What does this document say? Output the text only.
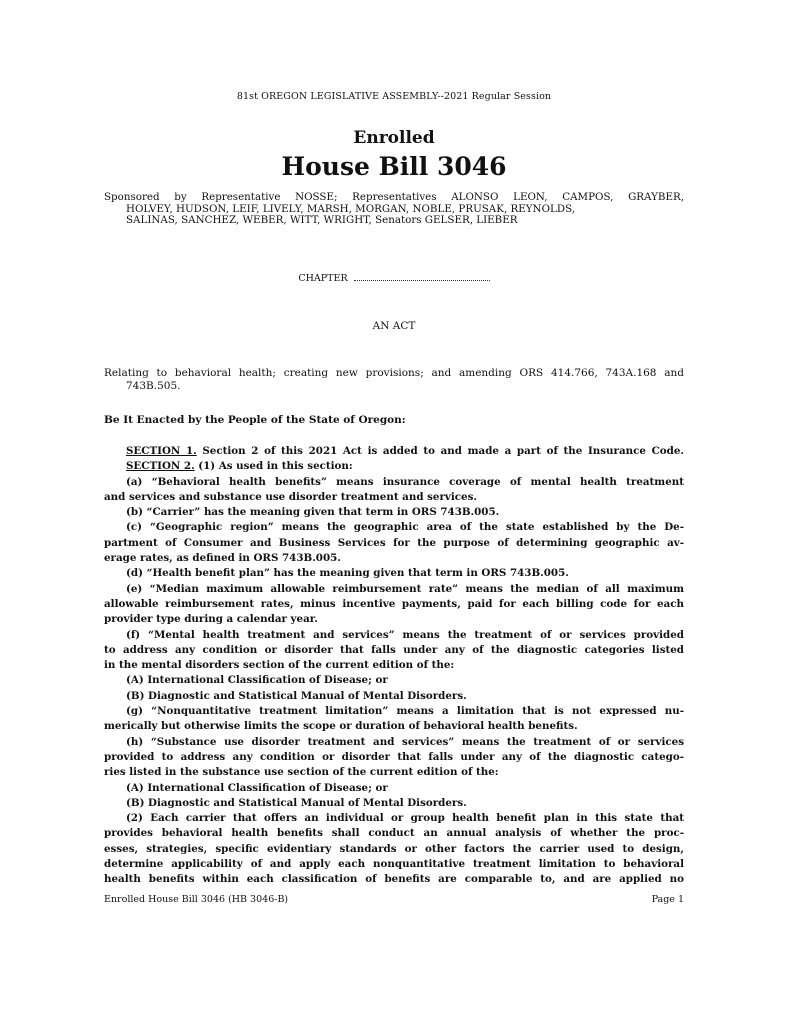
81st OREGON LEGISLATIVE ASSEMBLY--2021 Regular Session
Enrolled
House Bill 3046
Sponsored by Representative NOSSE; Representatives ALONSO LEON, CAMPOS, GRAYBER,
HOLVEY, HUDSON, LEIF, LIVELY, MARSH, MORGAN, NOBLE, PRUSAK, REYNOLDS,
SALINAS, SANCHEZ, WEBER, WITT, WRIGHT, Senators GELSER, LIEBER
CHAPTER
AN ACT
Relating to behavioral health; creating new provisions; and amending ORS 414.766, 743A.168 and
743B.505.
Be It Enacted by the People of the State of Oregon:
SECTION 1. Section 2 of this 2021 Act is added to and made a part of the Insurance Code.
SECTION 2. (1) As used in this section:
(a) “Behavioral health benefits” means insurance coverage of mental health treatment
and services and substance use disorder treatment and services.
(b) “Carrier” has the meaning given that term in ORS 743B.005.
(c) “Geographic region” means the geographic area of the state established by the De-
partment of Consumer and Business Services for the purpose of determining geographic av-
erage rates, as defined in ORS 743B.005.
(d) “Health benefit plan” has the meaning given that term in ORS 743B.005.
(e) “Median maximum allowable reimbursement rate” means the median of all maximum
allowable reimbursement rates, minus incentive payments, paid for each billing code for each
provider type during a calendar year.
(f) “Mental health treatment and services” means the treatment of or services provided
to address any condition or disorder that falls under any of the diagnostic categories listed
in the mental disorders section of the current edition of the:
(A) International Classification of Disease; or
(B) Diagnostic and Statistical Manual of Mental Disorders.
(g) “Nonquantitative treatment limitation” means a limitation that is not expressed nu-
merically but otherwise limits the scope or duration of behavioral health benefits.
(h) “Substance use disorder treatment and services” means the treatment of or services
provided to address any condition or disorder that falls under any of the diagnostic catego-
ries listed in the substance use section of the current edition of the:
(A) International Classification of Disease; or
(B) Diagnostic and Statistical Manual of Mental Disorders.
(2) Each carrier that offers an individual or group health benefit plan in this state that
provides behavioral health benefits shall conduct an annual analysis of whether the proc-
esses, strategies, specific evidentiary standards or other factors the carrier used to design,
determine applicability of and apply each nonquantitative treatment limitation to behavioral
health benefits within each classification of benefits are comparable to, and are applied no
Enrolled House Bill 3046 (HB 3046-B)	Page 1
